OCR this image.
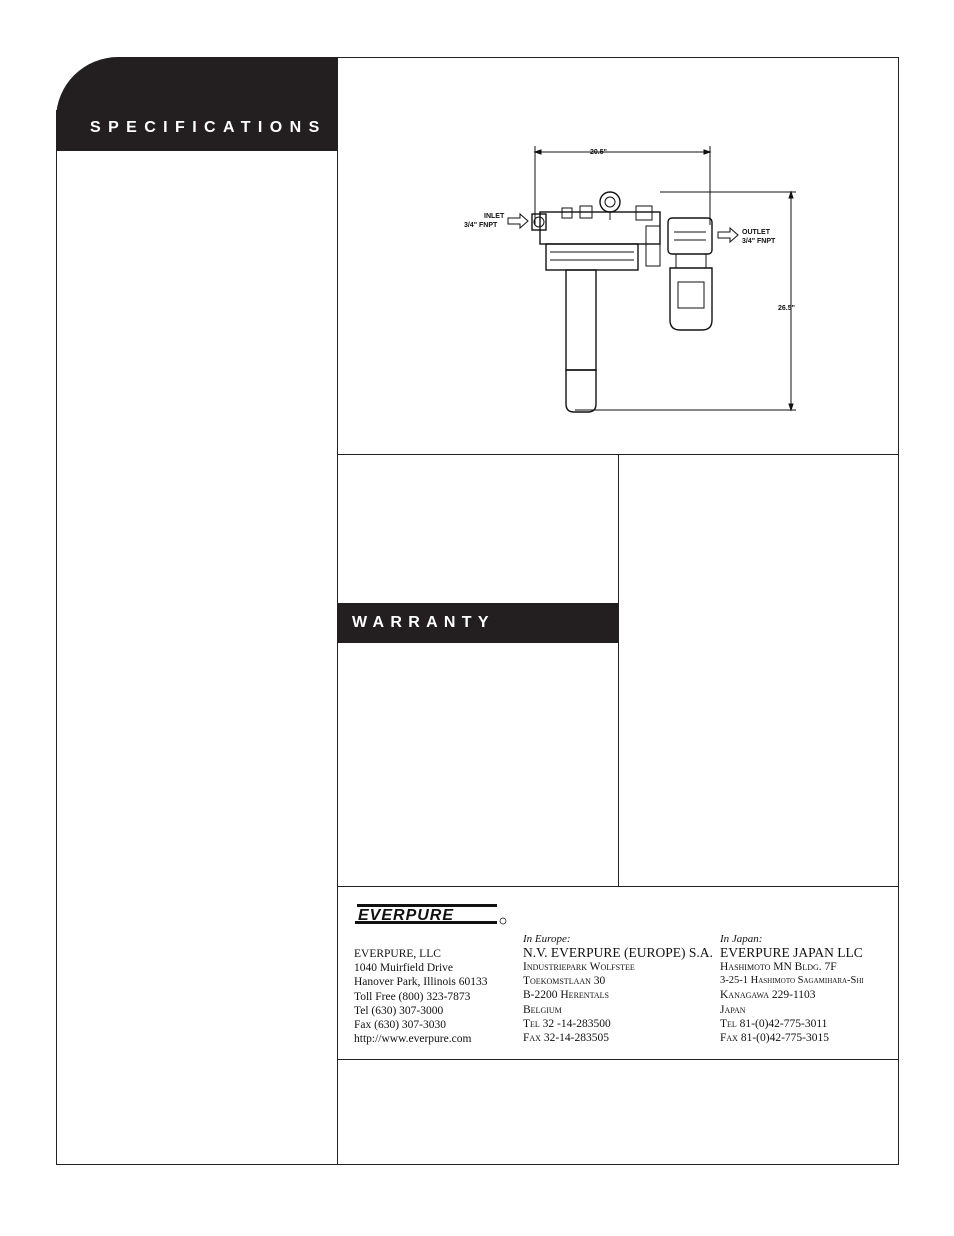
SPECIFICATIONS
WARRANTY
20.5"
26.5"
INLET
3/4" FNPT
OUTLET
3/4" FNPT
EVERPURE
EVERPURE, LLC
1040 Muirfield Drive
Hanover Park, Illinois 60133
Toll Free (800) 323-7873
Tel (630) 307-3000
Fax (630) 307-3030
http://www.everpure.com
In Europe:
N.V. EVERPURE (EUROPE) S.A.
Industriepark Wolfstee
Toekomstlaan 30
B-2200 Herentals
Belgium
Tel 32 -14-283500
Fax 32-14-283505
In Japan:
EVERPURE JAPAN LLC
Hashimoto MN Bldg. 7F
3-25-1 Hashimoto Sagamihara-Shi
Kanagawa 229-1103
Japan
Tel 81-(0)42-775-3011
Fax 81-(0)42-775-3015
